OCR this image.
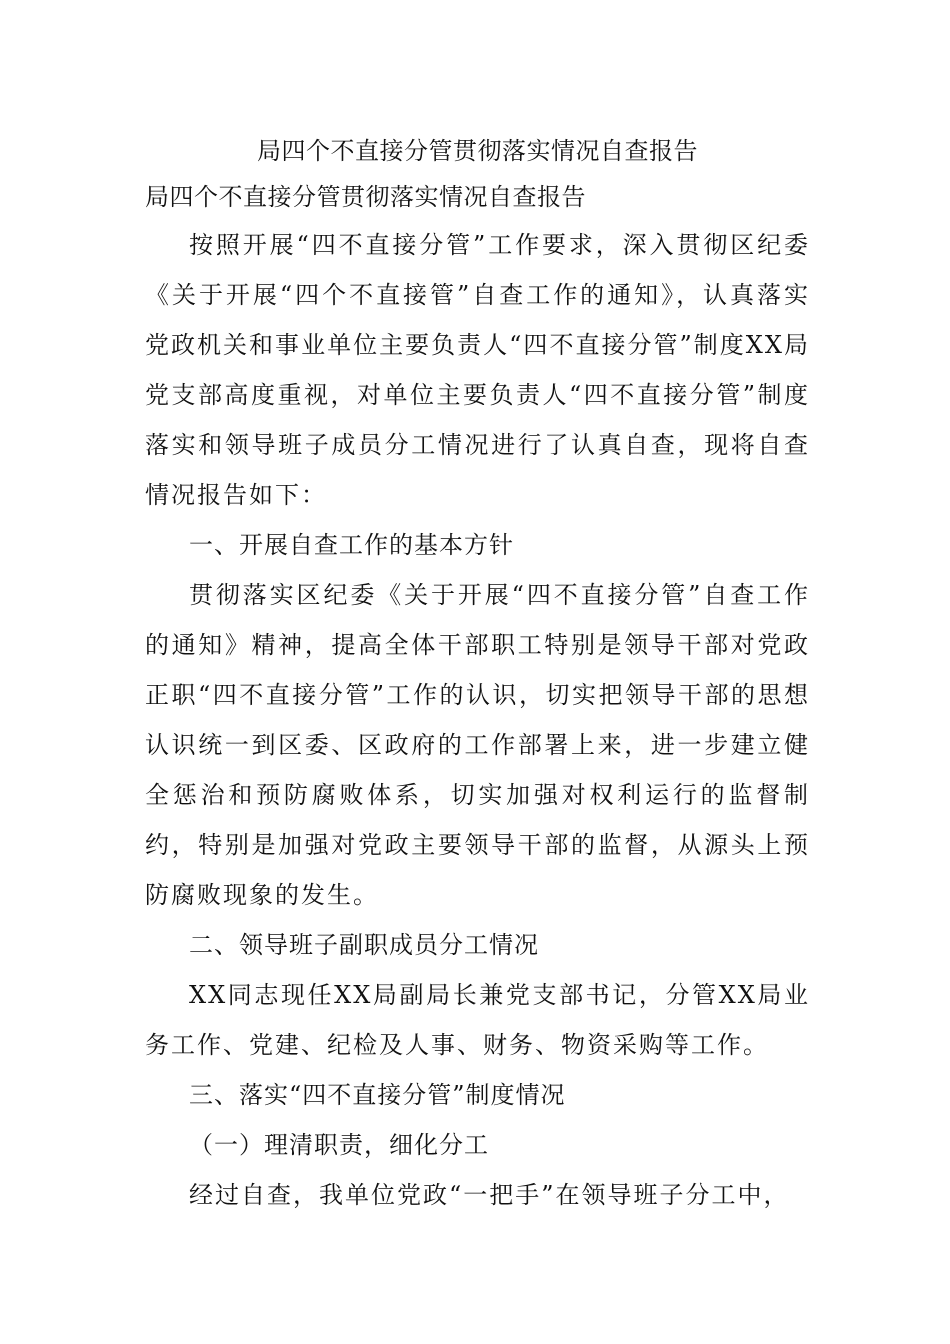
局四个不直接分管贯彻落实情况自查报告

局四个不直接分管贯彻落实情况自查报告

按照开展“四不直接分管”工作要求，深入贯彻区纪委《关于开展“四个不直接管”自查工作的通知》，认真落实党政机关和事业单位主要负责人“四不直接分管”制度XX局党支部高度重视，对单位主要负责人“四不直接分管”制度落实和领导班子成员分工情况进行了认真自查，现将自查情况报告如下：

一、开展自查工作的基本方针

贯彻落实区纪委《关于开展“四不直接分管”自查工作的通知》精神，提高全体干部职工特别是领导干部对党政正职“四不直接分管”工作的认识，切实把领导干部的思想认识统一到区委、区政府的工作部署上来，进一步建立健全惩治和预防腐败体系，切实加强对权利运行的监督制约，特别是加强对党政主要领导干部的监督，从源头上预防腐败现象的发生。

二、领导班子副职成员分工情况

XX同志现任XX局副局长兼党支部书记，分管XX局业务工作、党建、纪检及人事、财务、物资采购等工作。

三、落实“四不直接分管”制度情况

（一）理清职责，细化分工

经过自查，我单位党政“一把手”在领导班子分工中，
